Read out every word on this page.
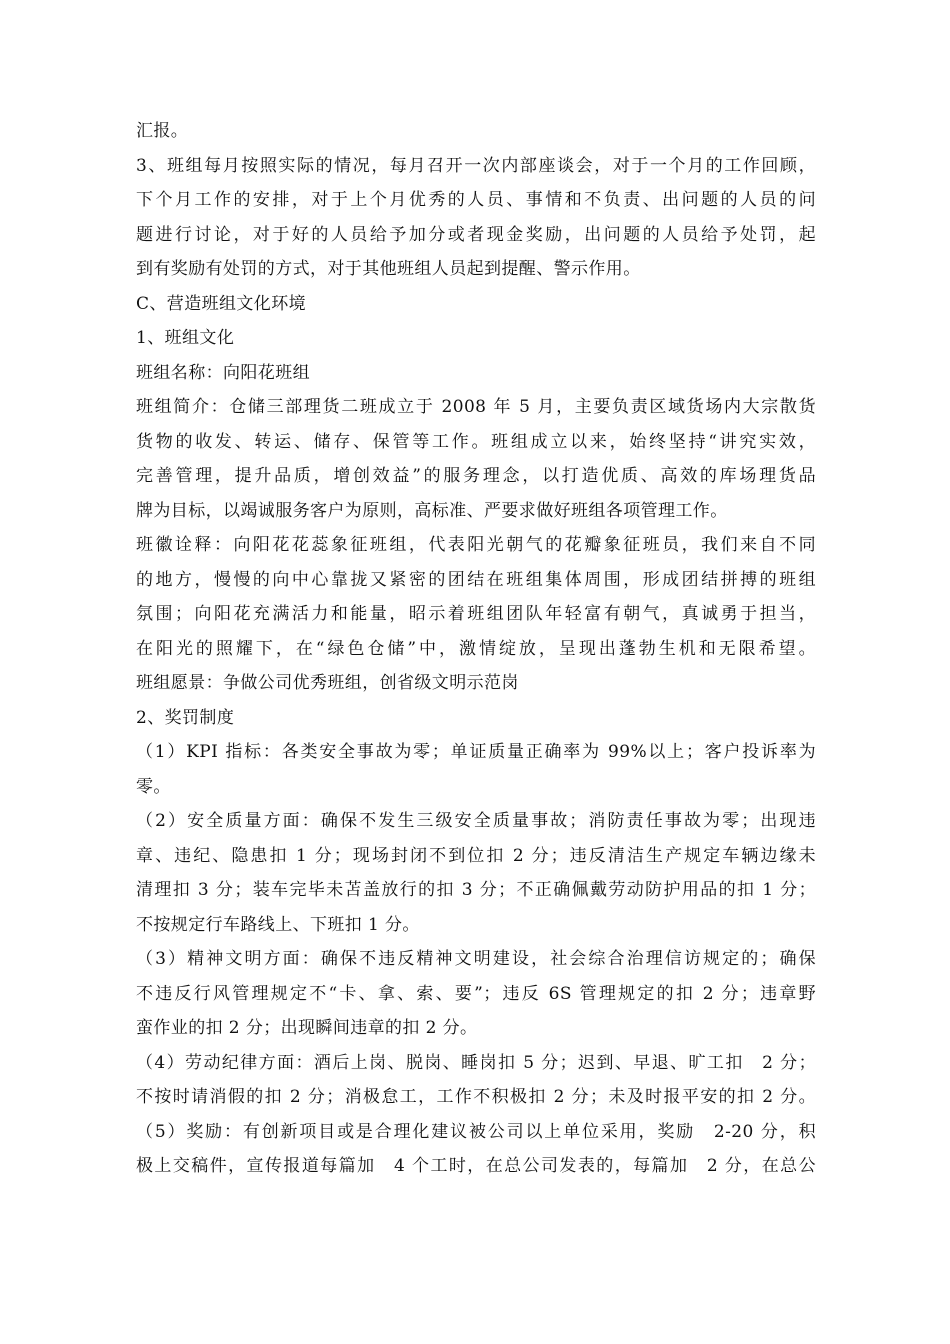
汇报。
3、班组每月按照实际的情况，每月召开一次内部座谈会，对于一个月的工作回顾，
下个月工作的安排，对于上个月优秀的人员、事情和不负责、出问题的人员的问
题进行讨论，对于好的人员给予加分或者现金奖励，出问题的人员给予处罚，起
到有奖励有处罚的方式，对于其他班组人员起到提醒、警示作用。
C、营造班组文化环境
1、班组文化
班组名称：向阳花班组
班组简介：仓储三部理货二班成立于 2008 年 5 月，主要负责区域货场内大宗散货
货物的收发、转运、储存、保管等工作。班组成立以来，始终坚持“讲究实效，
完善管理，提升品质，增创效益”的服务理念，以打造优质、高效的库场理货品
牌为目标，以竭诚服务客户为原则，高标准、严要求做好班组各项管理工作。
班徽诠释：向阳花花蕊象征班组，代表阳光朝气的花瓣象征班员，我们来自不同
的地方，慢慢的向中心靠拢又紧密的团结在班组集体周围，形成团结拼搏的班组
氛围；向阳花充满活力和能量，昭示着班组团队年轻富有朝气，真诚勇于担当，
在阳光的照耀下，在“绿色仓储”中，激情绽放，呈现出蓬勃生机和无限希望。
班组愿景：争做公司优秀班组，创省级文明示范岗
2、奖罚制度
（1）KPI 指标：各类安全事故为零；单证质量正确率为 99%以上；客户投诉率为
零。
（2）安全质量方面：确保不发生三级安全质量事故；消防责任事故为零；出现违
章、违纪、隐患扣 1 分；现场封闭不到位扣 2 分；违反清洁生产规定车辆边缘未
清理扣 3 分；装车完毕未苫盖放行的扣 3 分；不正确佩戴劳动防护用品的扣 1 分；
不按规定行车路线上、下班扣 1 分。
（3）精神文明方面：确保不违反精神文明建设，社会综合治理信访规定的；确保
不违反行风管理规定不“卡、拿、索、要”；违反 6S 管理规定的扣 2 分；违章野
蛮作业的扣 2 分；出现瞬间违章的扣 2 分。
（4）劳动纪律方面：酒后上岗、脱岗、睡岗扣 5 分；迟到、早退、旷工扣　2 分；
不按时请消假的扣 2 分；消极怠工，工作不积极扣 2 分；未及时报平安的扣 2 分。
（5）奖励：有创新项目或是合理化建议被公司以上单位采用，奖励　2-20 分，积
极上交稿件，宣传报道每篇加　4 个工时，在总公司发表的，每篇加　2 分，在总公
